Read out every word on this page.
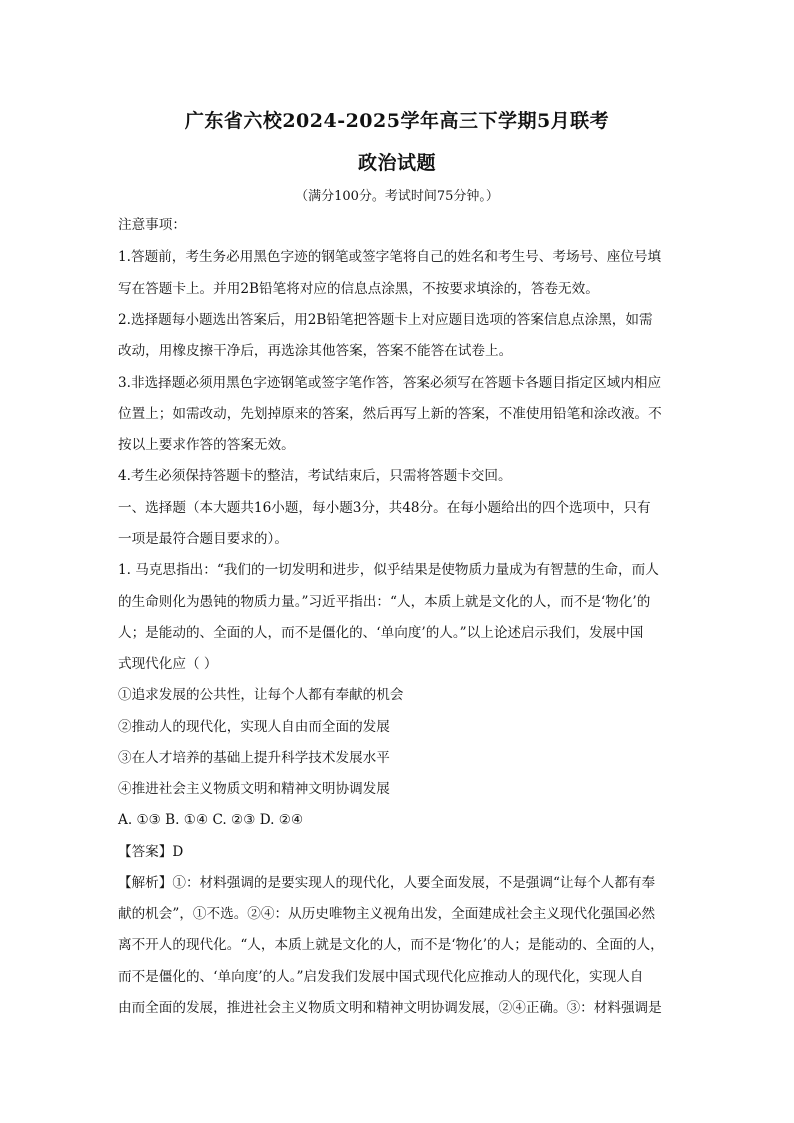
广东省六校2024-2025学年高三下学期5月联考
政治试题
（满分100分。考试时间75分钟。）
注意事项：
1.答题前，考生务必用黑色字迹的钢笔或签字笔将自己的姓名和考生号、考场号、座位号填
写在答题卡上。并用2B铅笔将对应的信息点涂黑，不按要求填涂的，答卷无效。
2.选择题每小题选出答案后，用2B铅笔把答题卡上对应题目选项的答案信息点涂黑，如需
改动，用橡皮擦干净后，再选涂其他答案，答案不能答在试卷上。
3.非选择题必须用黑色字迹钢笔或签字笔作答，答案必须写在答题卡各题目指定区域内相应
位置上；如需改动，先划掉原来的答案，然后再写上新的答案，不准使用铅笔和涂改液。不
按以上要求作答的答案无效。
4.考生必须保持答题卡的整洁，考试结束后，只需将答题卡交回。
一、选择题（本大题共16小题，每小题3分，共48分。在每小题给出的四个选项中，只有
一项是最符合题目要求的）。
1. 马克思指出：“我们的一切发明和进步，似乎结果是使物质力量成为有智慧的生命，而人
的生命则化为愚钝的物质力量。”习近平指出：“人，本质上就是文化的人，而不是‘物化’的
人；是能动的、全面的人，而不是僵化的、‘单向度’的人。”以上论述启示我们，发展中国
式现代化应（ ）
①追求发展的公共性，让每个人都有奉献的机会
②推动人的现代化，实现人自由而全面的发展
③在人才培养的基础上提升科学技术发展水平
④推进社会主义物质文明和精神文明协调发展
A. ①③ B. ①④ C. ②③ D. ②④
【答案】D
【解析】①：材料强调的是要实现人的现代化，人要全面发展，不是强调“让每个人都有奉
献的机会”，①不选。②④：从历史唯物主义视角出发，全面建成社会主义现代化强国必然
离不开人的现代化。“人，本质上就是文化的人，而不是‘物化’的人；是能动的、全面的人，
而不是僵化的、‘单向度’的人。”启发我们发展中国式现代化应推动人的现代化，实现人自
由而全面的发展，推进社会主义物质文明和精神文明协调发展，②④正确。③：材料强调是
